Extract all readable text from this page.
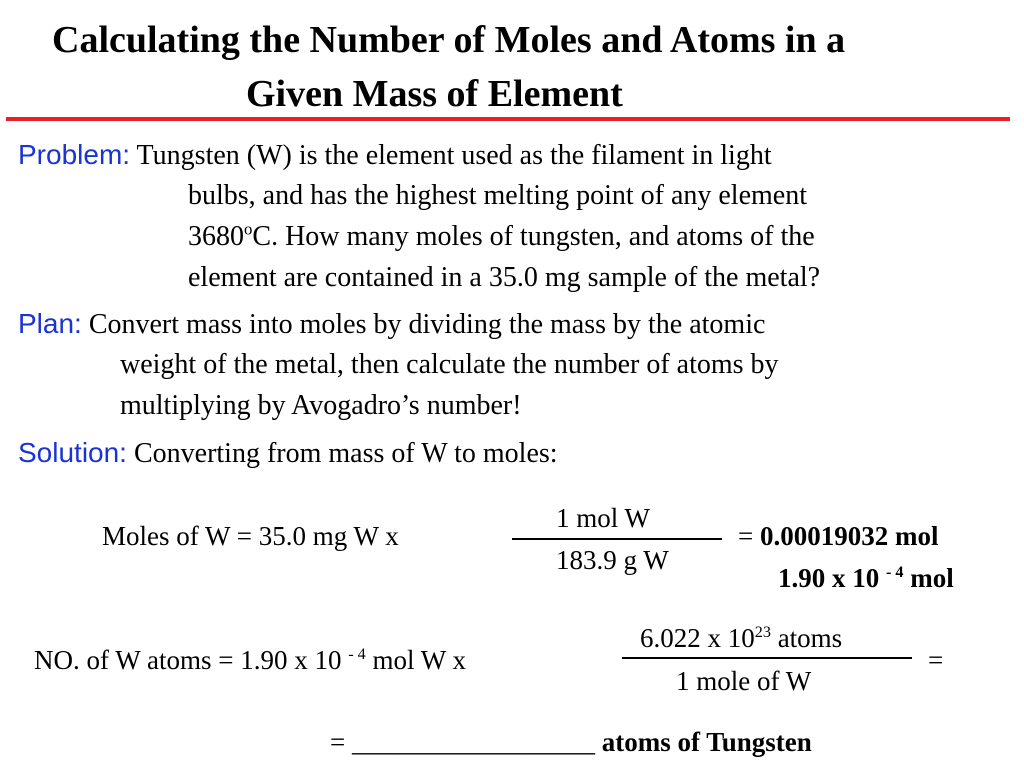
Calculating the Number of Moles and Atoms in a
Given Mass of Element
Problem: Tungsten (W) is the element used as the filament in light
bulbs, and has the highest melting point of any element
3680$^o$C. How many moles of tungsten, and atoms of the
element are contained in a 35.0 mg sample of the metal?
Plan: Convert mass into moles by dividing the mass by the atomic
weight of the metal, then calculate the number of atoms by
multiplying by Avogadro’s number!
Solution: Converting from mass of W to moles:
Moles of W = 35.0 mg W x
1 mol W
183.9 g W
= 0.00019032 mol
1.90 x 10 $^{- 4}$ mol
NO. of W atoms = 1.90 x 10 $^{- 4}$ mol W x
6.022 x $10^{23}$ atoms
1 mole of W
=
= __________________ atoms of Tungsten
